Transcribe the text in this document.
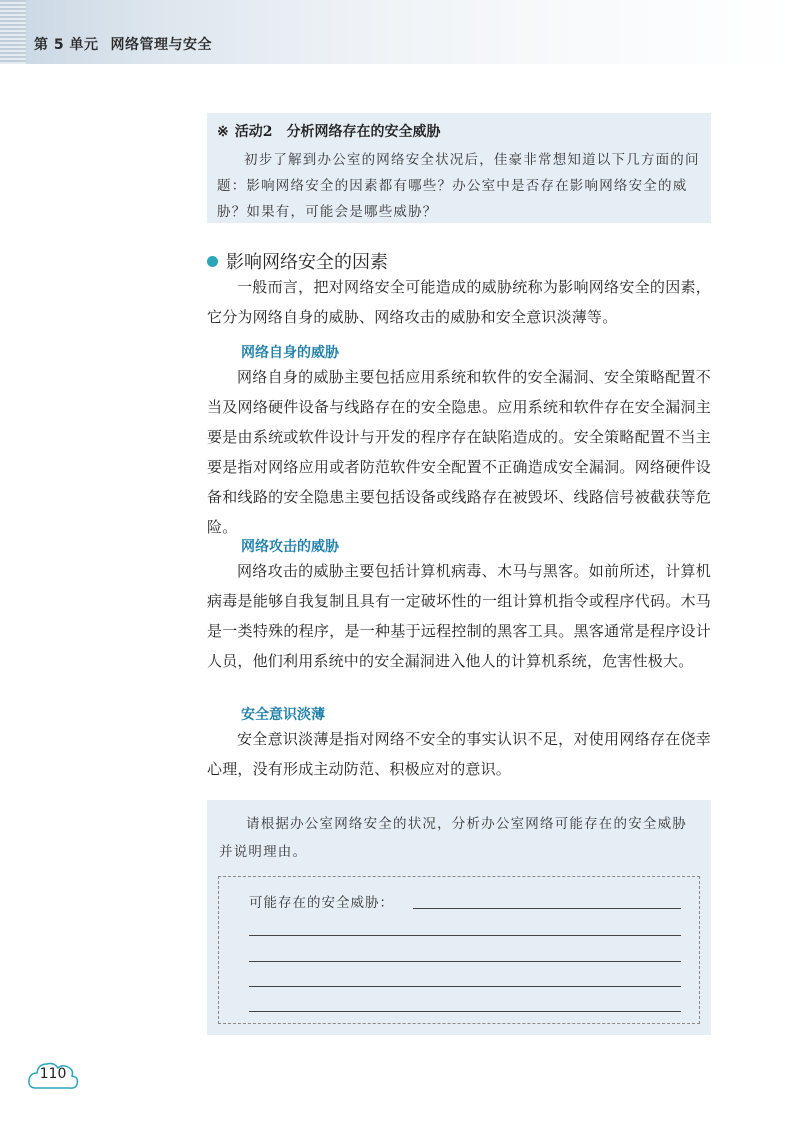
第 5 单元 网络管理与安全
※ 活动2 分析网络存在的安全威胁
初步了解到办公室的网络安全状况后，佳豪非常想知道以下几方面的问题：影响网络安全的因素都有哪些？办公室中是否存在影响网络安全的威胁？如果有，可能会是哪些威胁？
影响网络安全的因素
一般而言，把对网络安全可能造成的威胁统称为影响网络安全的因素，它分为网络自身的威胁、网络攻击的威胁和安全意识淡薄等。
网络自身的威胁
网络自身的威胁主要包括应用系统和软件的安全漏洞、安全策略配置不当及网络硬件设备与线路存在的安全隐患。应用系统和软件存在安全漏洞主要是由系统或软件设计与开发的程序存在缺陷造成的。安全策略配置不当主要是指对网络应用或者防范软件安全配置不正确造成安全漏洞。网络硬件设备和线路的安全隐患主要包括设备或线路存在被毁坏、线路信号被截获等危险。
网络攻击的威胁
网络攻击的威胁主要包括计算机病毒、木马与黑客。如前所述，计算机病毒是能够自我复制且具有一定破坏性的一组计算机指令或程序代码。木马是一类特殊的程序，是一种基于远程控制的黑客工具。黑客通常是程序设计人员，他们利用系统中的安全漏洞进入他人的计算机系统，危害性极大。
安全意识淡薄
安全意识淡薄是指对网络不安全的事实认识不足，对使用网络存在侥幸心理，没有形成主动防范、积极应对的意识。
请根据办公室网络安全的状况，分析办公室网络可能存在的安全威胁并说明理由。
可能存在的安全威胁：
110
